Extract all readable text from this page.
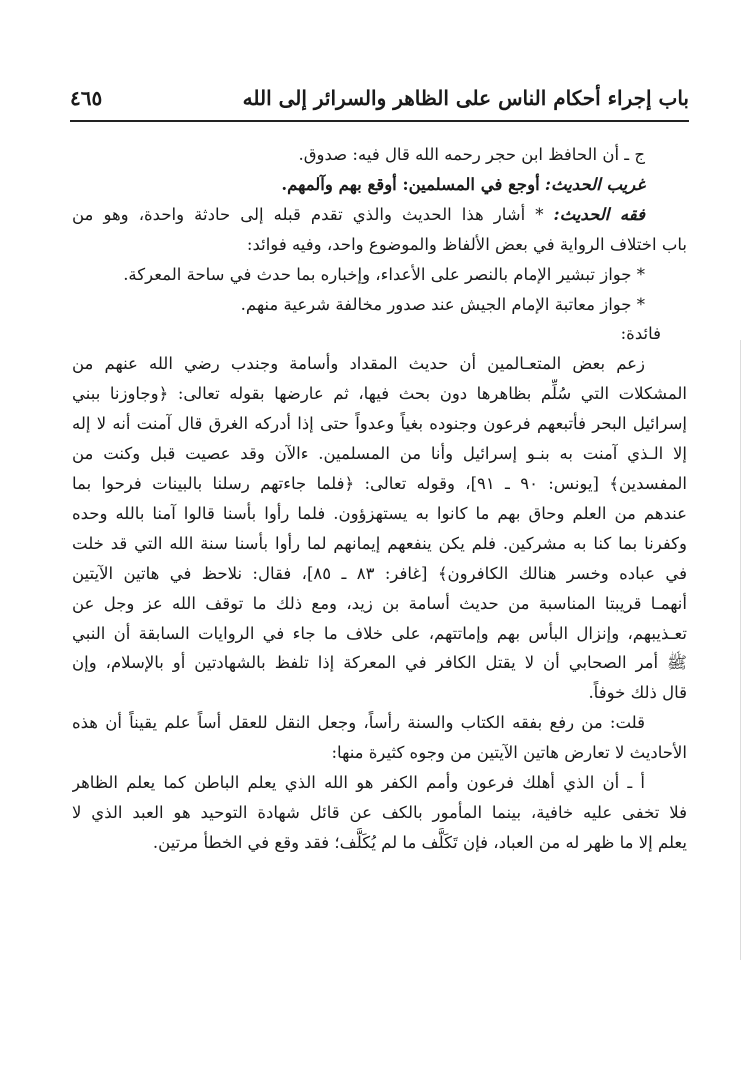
باب إجراء أحكام الناس على الظاهر والسرائر إلى الله
٤٦٥
ج ـ أن الحافظ ابن حجر رحمه الله قال فيه: صدوق.
غريب الحديث: أوجع في المسلمين: أوقع بهم وآلمهم.
فقه الحديث: * أشار هذا الحديث والذي تقدم قبله إلى حادثة واحدة، وهو من
باب اختلاف الرواية في بعض الألفاظ والموضوع واحد، وفيه فوائد:
* جواز تبشير الإمام بالنصر على الأعداء، وإخباره بما حدث في ساحة المعركة.
* جواز معاتبة الإمام الجيش عند صدور مخالفة شرعية منهم.
فائدة:
زعم بعض المتعـالمين أن حديث المقداد وأسامة وجندب رضي الله عنهم من
المشكلات التي سُلِّم بظاهرها دون بحث فيها، ثم عارضها بقوله تعالى: ﴿وجاوزنا ببني
إسرائيل البحر فأتبعهم فرعون وجنوده بغياً وعدواً حتى إذا أدركه الغرق قال آمنت أنه لا إله
إلا الـذي آمنت به بنـو إسرائيل وأنا من المسلمين. ءالآن وقد عصيت قبل وكنت من
المفسدين﴾ [يونس: ٩٠ ـ ٩١]، وقوله تعالى: ﴿فلما جاءتهم رسلنا بالبينات فرحوا بما
عندهم من العلم وحاق بهم ما كانوا به يستهزؤون. فلما رأوا بأسنا قالوا آمنا بالله وحده
وكفرنا بما كنا به مشركين. فلم يكن ينفعهم إيمانهم لما رأوا بأسنا سنة الله التي قد خلت
في عباده وخسر هنالك الكافرون﴾ [غافر: ٨٣ ـ ٨٥]، فقال: نلاحظ في هاتين الآيتين
أنهمـا قريبتا المناسبة من حديث أسامة بن زيد، ومع ذلك ما توقف الله عز وجل عن
تعـذيبهم، وإنزال البأس بهم وإماتتهم، على خلاف ما جاء في الروايات السابقة أن النبي
ﷺ أمر الصحابي أن لا يقتل الكافر في المعركة إذا تلفظ بالشهادتين أو بالإسلام، وإن
قال ذلك خوفاً.
قلت: من رفع بفقه الكتاب والسنة رأساً، وجعل النقل للعقل أساً علم يقيناً أن هذه
الأحاديث لا تعارض هاتين الآيتين من وجوه كثيرة منها:
أ ـ أن الذي أهلك فرعون وأمم الكفر هو الله الذي يعلم الباطن كما يعلم الظاهر
فلا تخفى عليه خافية، بينما المأمور بالكف عن قائل شهادة التوحيد هو العبد الذي لا
يعلم إلا ما ظهر له من العباد، فإن تَكَلَّف ما لم يُكَلَّف؛ فقد وقع في الخطأ مرتين.
